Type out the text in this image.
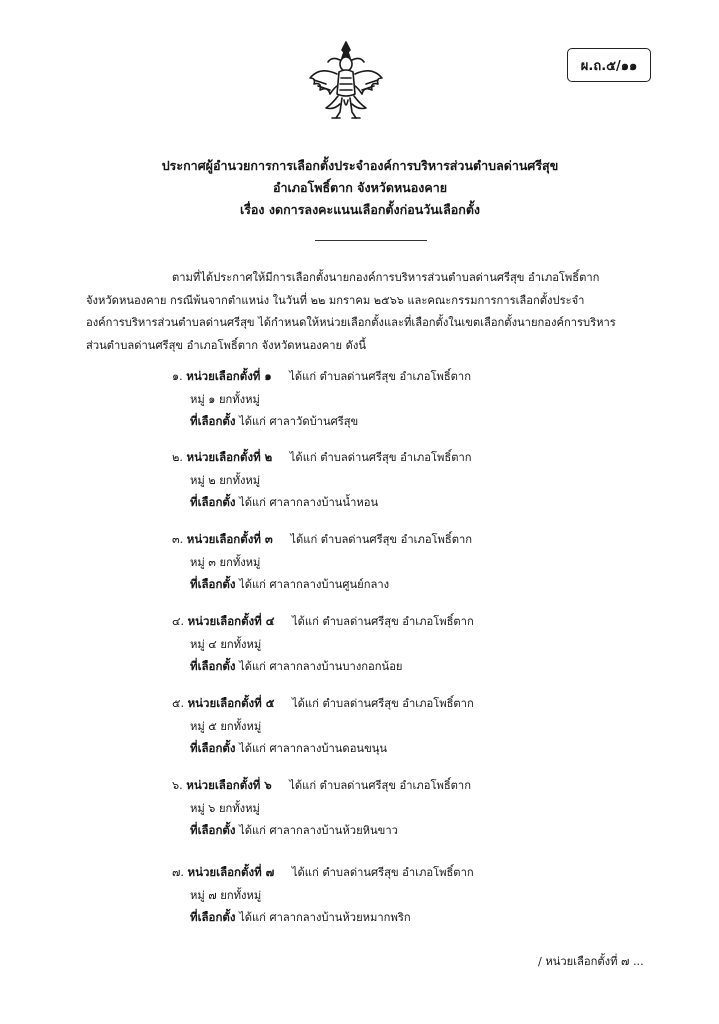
ผ.ถ.๕/๑๑
ประกาศผู้อำนวยการการเลือกตั้งประจำองค์การบริหารส่วนตำบลด่านศรีสุข
อำเภอโพธิ์ตาก จังหวัดหนองคาย
เรื่อง งดการลงคะแนนเลือกตั้งก่อนวันเลือกตั้ง
ตามที่ได้ประกาศให้มีการเลือกตั้งนายกองค์การบริหารส่วนตำบลด่านศรีสุข อำเภอโพธิ์ตาก
จังหวัดหนองคาย กรณีพ้นจากตำแหน่ง ในวันที่ ๒๒ มกราคม ๒๕๖๖ และคณะกรรมการการเลือกตั้งประจำ
องค์การบริหารส่วนตำบลด่านศรีสุข ได้กำหนดให้หน่วยเลือกตั้งและที่เลือกตั้งในเขตเลือกตั้งนายกองค์การบริหาร
ส่วนตำบลด่านศรีสุข อำเภอโพธิ์ตาก จังหวัดหนองคาย ดังนี้
๑. หน่วยเลือกตั้งที่ ๑ ได้แก่ ตำบลด่านศรีสุข อำเภอโพธิ์ตาก
หมู่ ๑ ยกทั้งหมู่
ที่เลือกตั้ง ได้แก่ ศาลาวัดบ้านศรีสุข
๒. หน่วยเลือกตั้งที่ ๒ ได้แก่ ตำบลด่านศรีสุข อำเภอโพธิ์ตาก
หมู่ ๒ ยกทั้งหมู่
ที่เลือกตั้ง ได้แก่ ศาลากลางบ้านน้ำหอน
๓. หน่วยเลือกตั้งที่ ๓ ได้แก่ ตำบลด่านศรีสุข อำเภอโพธิ์ตาก
หมู่ ๓ ยกทั้งหมู่
ที่เลือกตั้ง ได้แก่ ศาลากลางบ้านศูนย์กลาง
๔. หน่วยเลือกตั้งที่ ๔ ได้แก่ ตำบลด่านศรีสุข อำเภอโพธิ์ตาก
หมู่ ๔ ยกทั้งหมู่
ที่เลือกตั้ง ได้แก่ ศาลากลางบ้านบางกอกน้อย
๕. หน่วยเลือกตั้งที่ ๕ ได้แก่ ตำบลด่านศรีสุข อำเภอโพธิ์ตาก
หมู่ ๕ ยกทั้งหมู่
ที่เลือกตั้ง ได้แก่ ศาลากลางบ้านดอนขนุน
๖. หน่วยเลือกตั้งที่ ๖ ได้แก่ ตำบลด่านศรีสุข อำเภอโพธิ์ตาก
หมู่ ๖ ยกทั้งหมู่
ที่เลือกตั้ง ได้แก่ ศาลากลางบ้านห้วยหินขาว
๗. หน่วยเลือกตั้งที่ ๗ ได้แก่ ตำบลด่านศรีสุข อำเภอโพธิ์ตาก
หมู่ ๗ ยกทั้งหมู่
ที่เลือกตั้ง ได้แก่ ศาลากลางบ้านห้วยหมากพริก
/ หน่วยเลือกตั้งที่ ๗ ...
